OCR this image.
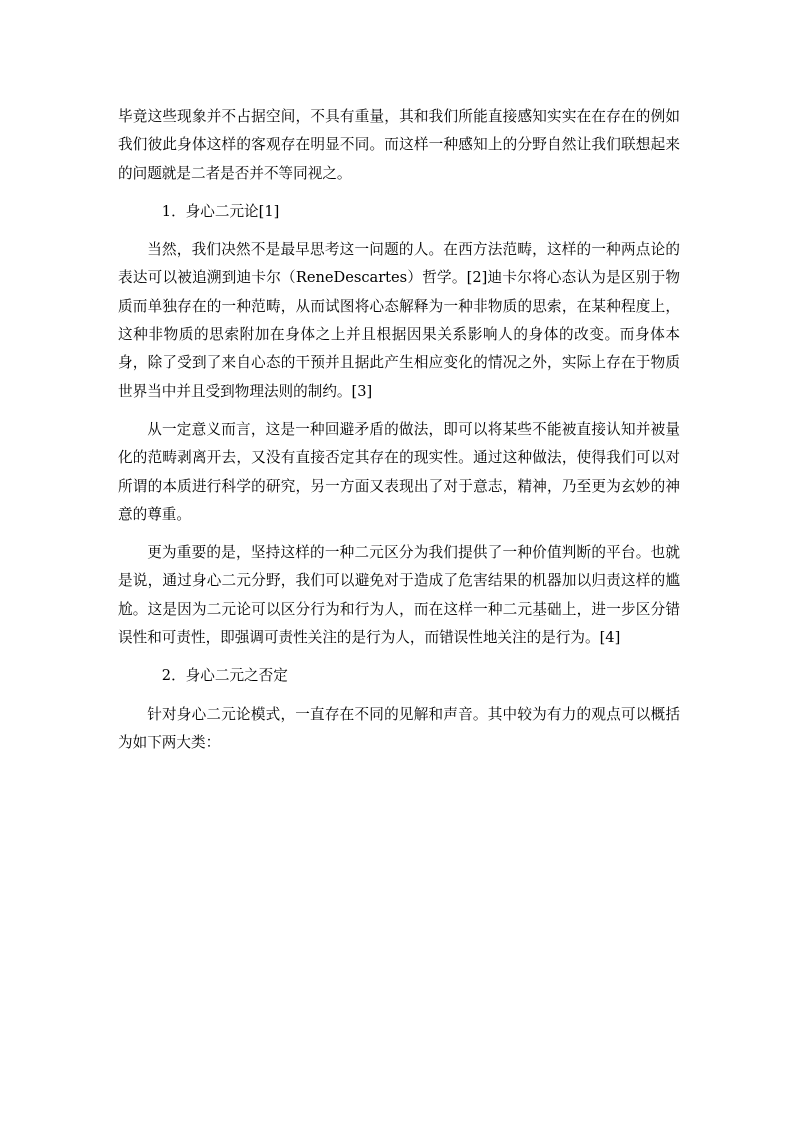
毕竟这些现象并不占据空间，不具有重量，其和我们所能直接感知实实在在存在的例如我们彼此身体这样的客观存在明显不同。而这样一种感知上的分野自然让我们联想起来的问题就是二者是否并不等同视之。

1．身心二元论[1]

当然，我们决然不是最早思考这一问题的人。在西方法范畴，这样的一种两点论的表达可以被追溯到迪卡尔（ReneDescartes）哲学。[2]迪卡尔将心态认为是区别于物质而单独存在的一种范畴，从而试图将心态解释为一种非物质的思索，在某种程度上，这种非物质的思索附加在身体之上并且根据因果关系影响人的身体的改变。而身体本身，除了受到了来自心态的干预并且据此产生相应变化的情况之外，实际上存在于物质世界当中并且受到物理法则的制约。[3]

从一定意义而言，这是一种回避矛盾的做法，即可以将某些不能被直接认知并被量化的范畴剥离开去，又没有直接否定其存在的现实性。通过这种做法，使得我们可以对所谓的本质进行科学的研究，另一方面又表现出了对于意志，精神，乃至更为玄妙的神意的尊重。

更为重要的是，坚持这样的一种二元区分为我们提供了一种价值判断的平台。也就是说，通过身心二元分野，我们可以避免对于造成了危害结果的机器加以归责这样的尴尬。这是因为二元论可以区分行为和行为人，而在这样一种二元基础上，进一步区分错误性和可责性，即强调可责性关注的是行为人，而错误性地关注的是行为。[4]

2．身心二元之否定

针对身心二元论模式，一直存在不同的见解和声音。其中较为有力的观点可以概括为如下两大类：
